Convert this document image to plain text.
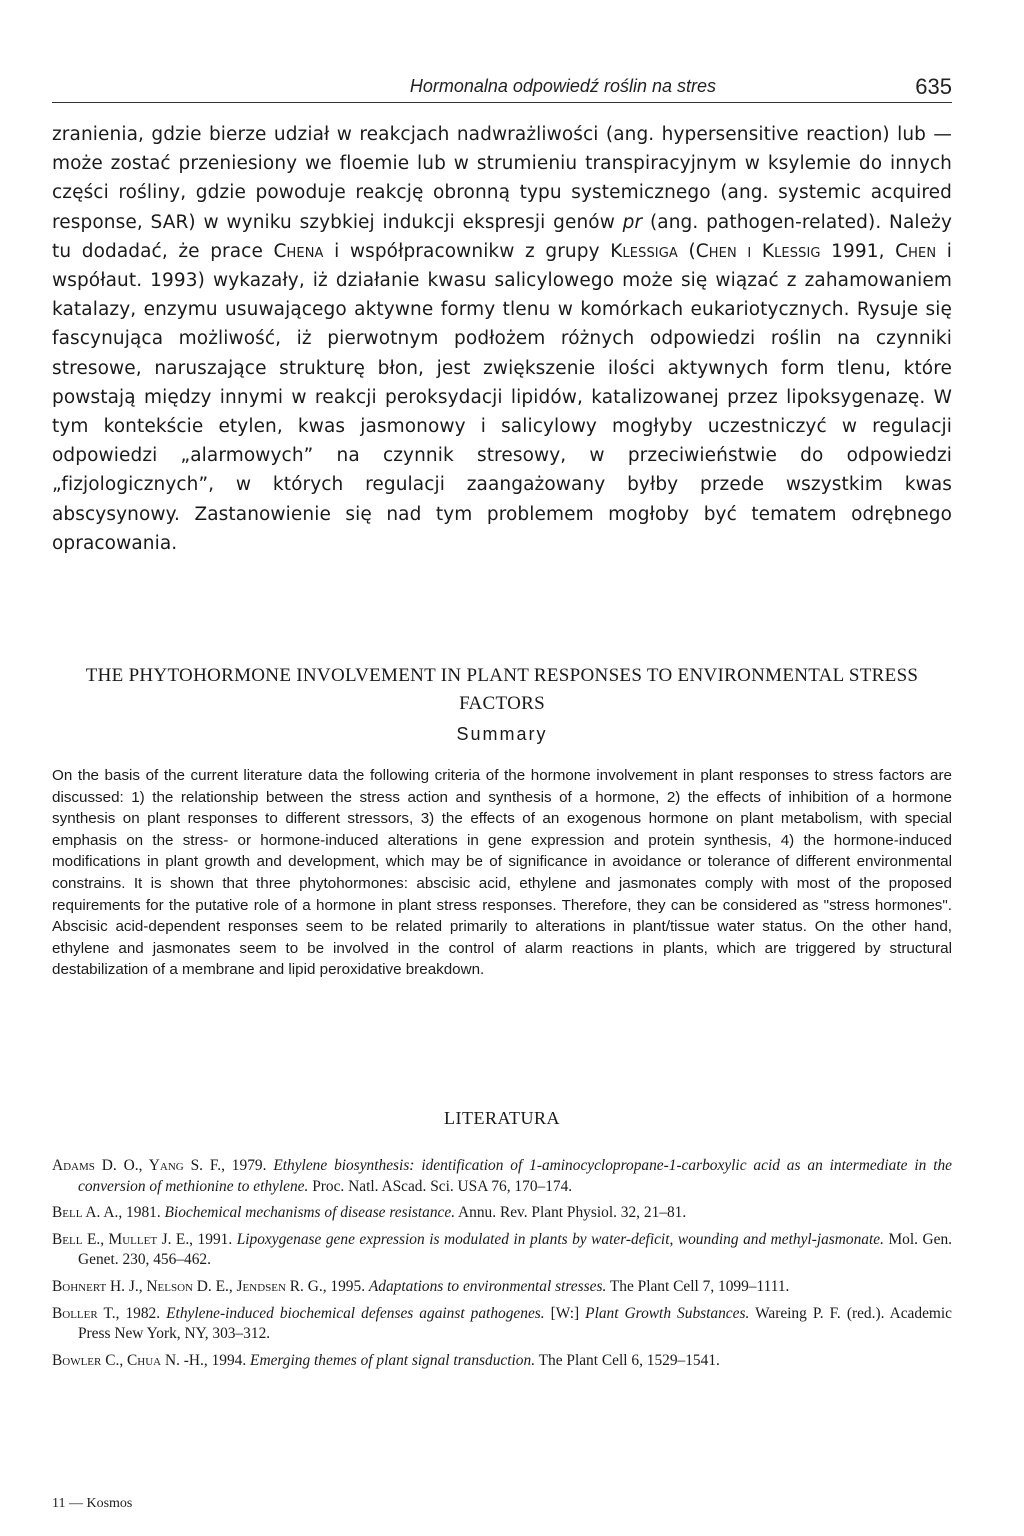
Hormonalna odpowiedź roślin na stres	635

zranienia, gdzie bierze udział w reakcjach nadwrażliwości (ang. hypersensitive reaction) lub — może zostać przeniesiony we floemie lub w strumieniu transpiracyjnym w ksylemie do innych części rośliny, gdzie powoduje reakcję obronną typu systemicznego (ang. systemic acquired response, SAR) w wyniku szybkiej indukcji ekspresji genów pr (ang. pathogen-related). Należy tu dodadać, że prace Chena i współpracownikw z grupy Klessiga (Chen i Klessig 1991, Chen i współaut. 1993) wykazały, iż działanie kwasu salicylowego może się wiązać z zahamowaniem katalazy, enzymu usuwającego aktywne formy tlenu w komórkach eukariotycznych. Rysuje się fascynująca możliwość, iż pierwotnym podłożem różnych odpowiedzi roślin na czynniki stresowe, naruszające strukturę błon, jest zwiększenie ilości aktywnych form tlenu, które powstają między innymi w reakcji peroksydacji lipidów, katalizowanej przez lipoksygenazę. W tym kontekście etylen, kwas jasmonowy i salicylowy mogłyby uczestniczyć w regulacji odpowiedzi „alarmowych” na czynnik stresowy, w przeciwieństwie do odpowiedzi „fizjologicznych”, w których regulacji zaangażowany byłby przede wszystkim kwas abscysynowy. Zastanowienie się nad tym problemem mogłoby być tematem odrębnego opracowania.

THE PHYTOHORMONE INVOLVEMENT IN PLANT RESPONSES TO ENVIRONMENTAL STRESS FACTORS

Summary

On the basis of the current literature data the following criteria of the hormone involvement in plant responses to stress factors are discussed: 1) the relationship between the stress action and synthesis of a hormone, 2) the effects of inhibition of a hormone synthesis on plant responses to different stressors, 3) the effects of an exogenous hormone on plant metabolism, with special emphasis on the stress- or hormone-induced alterations in gene expression and protein synthesis, 4) the hormone-induced modifications in plant growth and development, which may be of significance in avoidance or tolerance of different environmental constrains. It is shown that three phytohormones: abscisic acid, ethylene and jasmonates comply with most of the proposed requirements for the putative role of a hormone in plant stress responses. Therefore, they can be considered as "stress hormones". Abscisic acid-dependent responses seem to be related primarily to alterations in plant/tissue water status. On the other hand, ethylene and jasmonates seem to be involved in the control of alarm reactions in plants, which are triggered by structural destabilization of a membrane and lipid peroxidative breakdown.

LITERATURA

Adams D. O., Yang S. F., 1979. Ethylene biosynthesis: identification of 1-aminocyclopropane-1-carboxylic acid as an intermediate in the conversion of methionine to ethylene. Proc. Natl. AScad. Sci. USA 76, 170–174.
Bell A. A., 1981. Biochemical mechanisms of disease resistance. Annu. Rev. Plant Physiol. 32, 21–81.
Bell E., Mullet J. E., 1991. Lipoxygenase gene expression is modulated in plants by water-deficit, wounding and methyl-jasmonate. Mol. Gen. Genet. 230, 456–462.
Bohnert H. J., Nelson D. E., Jendsen R. G., 1995. Adaptations to environmental stresses. The Plant Cell 7, 1099–1111.
Boller T., 1982. Ethylene-induced biochemical defenses against pathogenes. [W:] Plant Growth Substances. Wareing P. F. (red.). Academic Press New York, NY, 303–312.
Bowler C., Chua N. -H., 1994. Emerging themes of plant signal transduction. The Plant Cell 6, 1529–1541.
11 — Kosmos
